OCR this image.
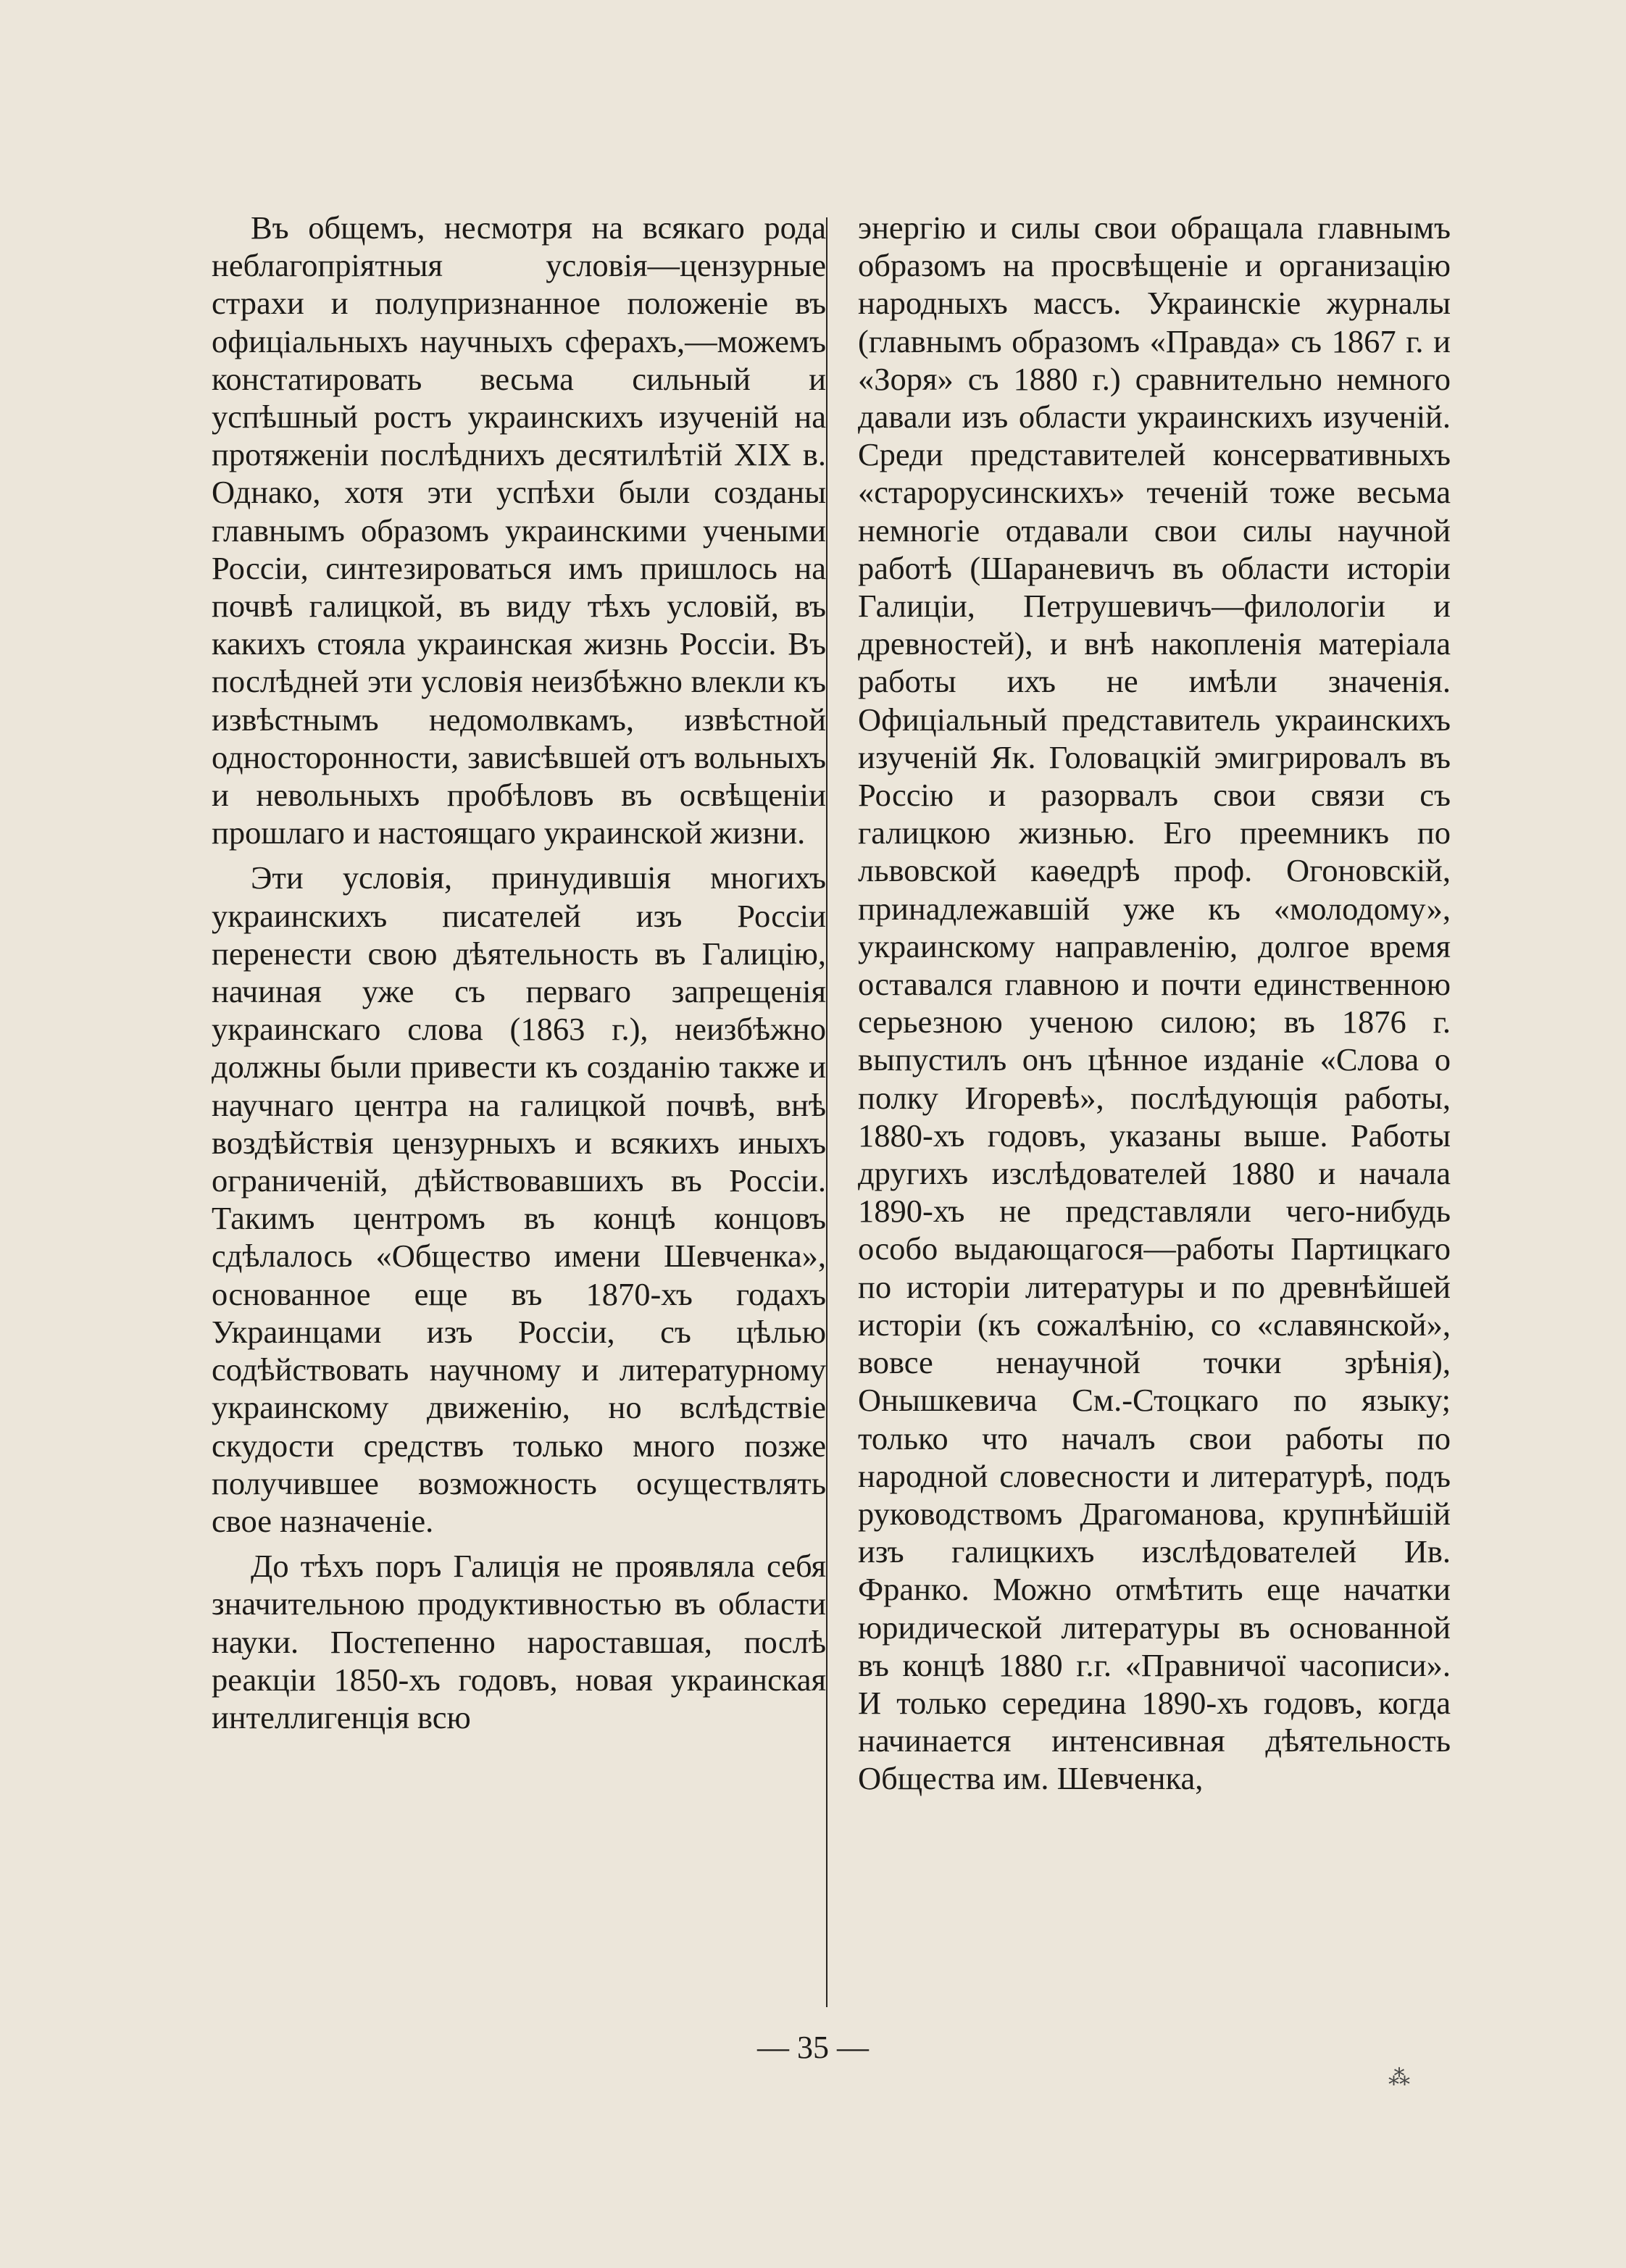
Въ общемъ, несмотря на всякаго рода неблагопріятныя условія—цензурные страхи и полупризнанное положеніе въ офиціальныхъ научныхъ сферахъ,—можемъ констатировать весьма сильный и успѣшный ростъ украинскихъ изученій на протяженіи послѣднихъ десятилѣтій XIX в. Однако, хотя эти успѣхи были созданы главнымъ образомъ украинскими учеными Россіи, синтезироваться имъ пришлось на почвѣ галицкой, въ виду тѣхъ условій, въ какихъ стояла украинская жизнь Россіи. Въ послѣдней эти условія неизбѣжно влекли къ извѣстнымъ недомолвкамъ, извѣстной односторонности, зависѣвшей отъ вольныхъ и невольныхъ пробѣловъ въ освѣщеніи прошлаго и настоящаго украинской жизни.

Эти условія, принудившія многихъ украинскихъ писателей изъ Россіи перенести свою дѣятельность въ Галицію, начиная уже съ перваго запрещенія украинскаго слова (1863 г.), неизбѣжно должны были привести къ созданію также и научнаго центра на галицкой почвѣ, внѣ воздѣйствія цензурныхъ и всякихъ иныхъ ограниченій, дѣйствовавшихъ въ Россіи. Такимъ центромъ въ концѣ концовъ сдѣлалось «Общество имени Шевченка», основанное еще въ 1870-хъ годахъ Украинцами изъ Россіи, съ цѣлью содѣйствовать научному и литературному украинскому движенію, но вслѣдствіе скудости средствъ только много позже получившее возможность осуществлять свое назначеніе.

До тѣхъ поръ Галиція не проявляла себя значительною продуктивностью въ области науки. Постепенно нароставшая, послѣ реакціи 1850-хъ годовъ, новая украинская интеллигенція всю

энергію и силы свои обращала главнымъ образомъ на просвѣщеніе и организацію народныхъ массъ. Украинскіе журналы (главнымъ образомъ «Правда» съ 1867 г. и «Зоря» съ 1880 г.) сравнительно немного давали изъ области украинскихъ изученій. Среди представителей консервативныхъ «старорусинскихъ» теченій тоже весьма немногіе отдавали свои силы научной работѣ (Шараневичъ въ области исторіи Галиціи, Петрушевичъ—филологіи и древностей), и внѣ накопленія матеріала работы ихъ не имѣли значенія. Офиціальный представитель украинскихъ изученій Як. Головацкій эмигрировалъ въ Россію и разорвалъ свои связи съ галицкою жизнью. Его преемникъ по львовской каѳедрѣ проф. Огоновскій, принадлежавшій уже къ «молодому», украинскому направленію, долгое время оставался главною и почти единственною серьезною ученою силою; въ 1876 г. выпустилъ онъ цѣнное изданіе «Слова о полку Игоревѣ», послѣдующія работы, 1880-хъ годовъ, указаны выше. Работы другихъ изслѣдователей 1880 и начала 1890-хъ не представляли чего-нибудь особо выдающагося—работы Партицкаго по исторіи литературы и по древнѣйшей исторіи (къ сожалѣнію, со «славянской», вовсе ненаучной точки зрѣнія), Онышкевича См.-Стоцкаго по языку; только что началъ свои работы по народной словесности и литературѣ, подъ руководствомъ Драгоманова, крупнѣйшій изъ галицкихъ изслѣдователей Ив. Франко. Можно отмѣтить еще начатки юридической литературы въ основанной въ концѣ 1880 г.г. «Правничої часописи». И только середина 1890-хъ годовъ, когда начинается интенсивная дѣятельность Общества им. Шевченка,

— 35 —
⁂
